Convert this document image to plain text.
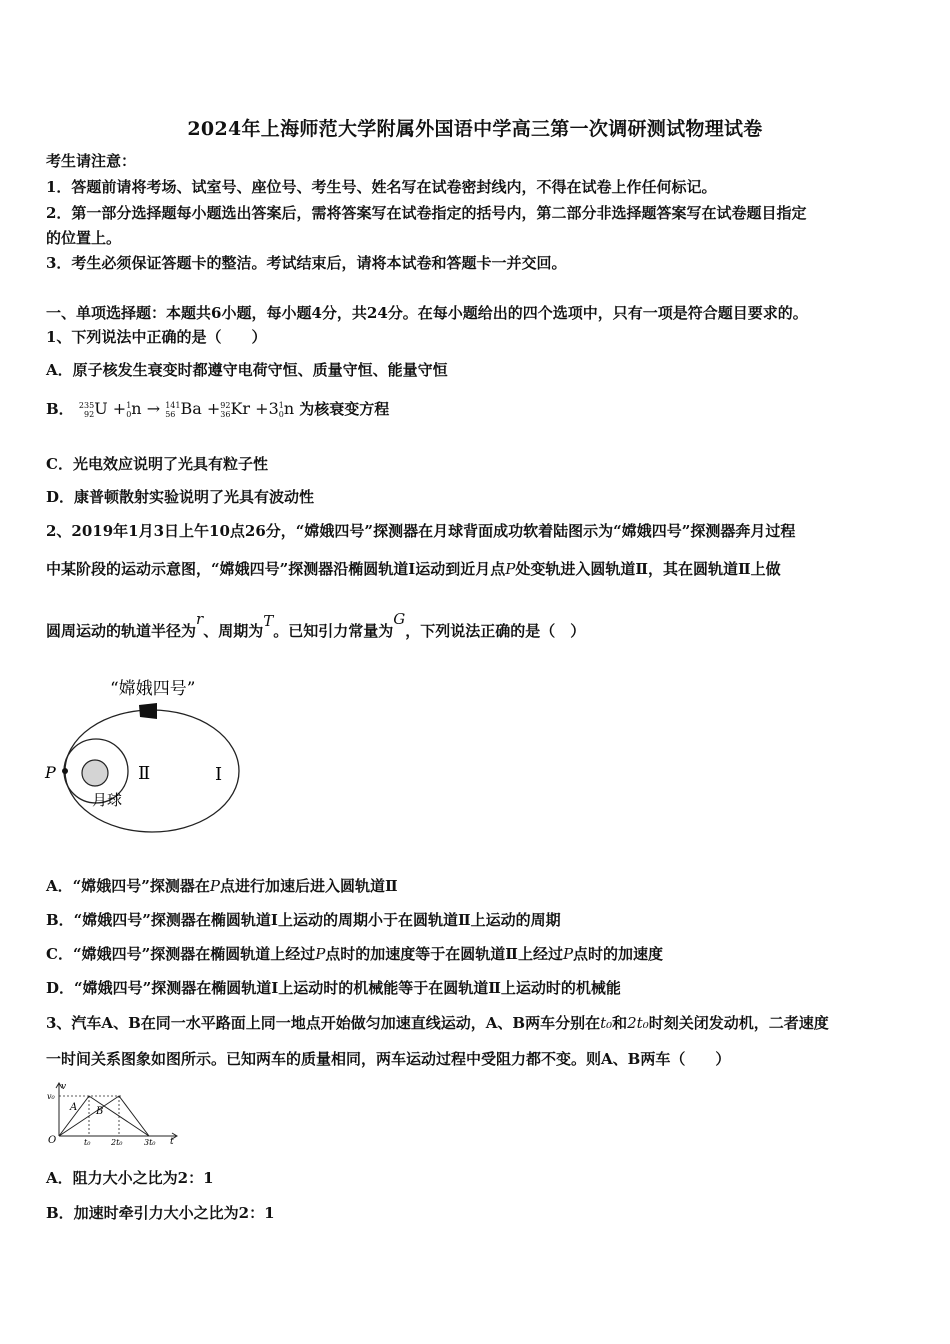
2024年上海师范大学附属外国语中学高三第一次调研测试物理试卷
考生请注意：
1．答题前请将考场、试室号、座位号、考生号、姓名写在试卷密封线内，不得在试卷上作任何标记。
2．第一部分选择题每小题选出答案后，需将答案写在试卷指定的括号内，第二部分非选择题答案写在试卷题目指定
的位置上。
3．考生必须保证答题卡的整洁。考试结束后，请将本试卷和答题卡一并交回。
一、单项选择题：本题共6小题，每小题4分，共24分。在每小题给出的四个选项中，只有一项是符合题目要求的。
1、下列说法中正确的是（　　）
A．原子核发生衰变时都遵守电荷守恒、质量守恒、能量守恒
B． 235
92U +1
0n → 141
56 Ba +92
36Kr +31
0n 为核衰变方程
C．光电效应说明了光具有粒子性
D．康普顿散射实验说明了光具有波动性
2、2019年1月3日上午10点26分，“嫦娥四号”探测器在月球背面成功软着陆图示为“嫦娥四号”探测器奔月过程
中某阶段的运动示意图，“嫦娥四号”探测器沿椭圆轨道Ⅰ运动到近月点P处变轨进入圆轨道Ⅱ，其在圆轨道Ⅱ上做
圆周运动的轨道半径为r、周期为T。已知引力常量为G，下列说法正确的是（　）
“嫦娥四号”
P	Ⅱ	Ⅰ
月球
A．“嫦娥四号”探测器在P点进行加速后进入圆轨道Ⅱ
B．“嫦娥四号”探测器在椭圆轨道Ⅰ上运动的周期小于在圆轨道Ⅱ上运动的周期
C．“嫦娥四号”探测器在椭圆轨道上经过P点时的加速度等于在圆轨道Ⅱ上经过P点时的加速度
D．“嫦娥四号”探测器在椭圆轨道Ⅰ上运动时的机械能等于在圆轨道Ⅱ上运动时的机械能
3、汽车A、B在同一水平路面上同一地点开始做匀加速直线运动，A、B两车分别在t₀和2t₀时刻关闭发动机，二者速度
一时间关系图象如图所示。已知两车的质量相同，两车运动过程中受阻力都不变。则A、B两车（　　）
v
v₀
O
A B
t₀	2t₀	3t₀ t
A．阻力大小之比为2：1
B．加速时牵引力大小之比为2：1
